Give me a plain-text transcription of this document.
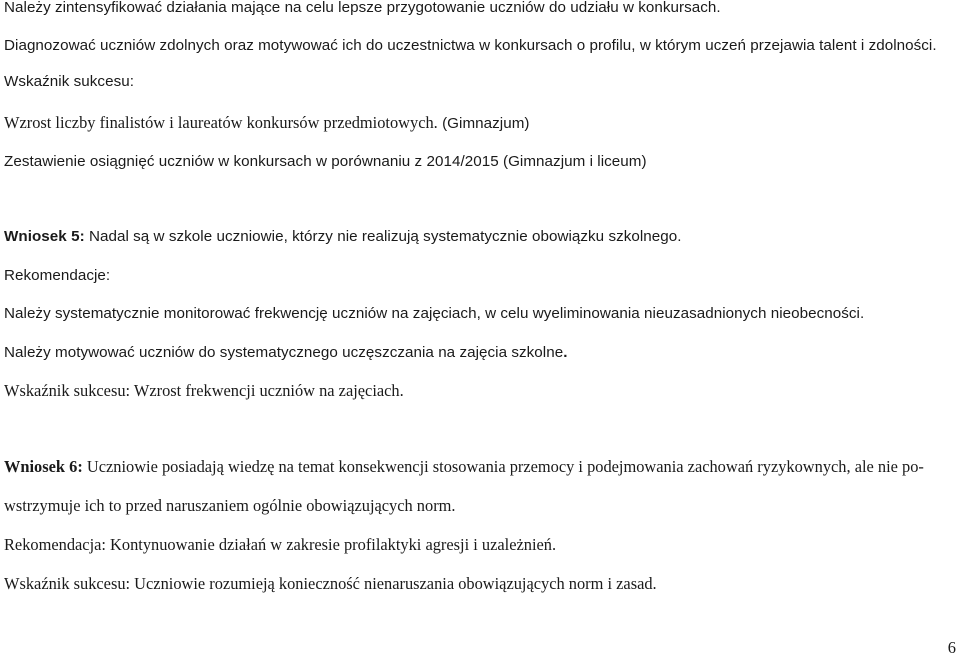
Należy zintensyfikować działania mające na celu lepsze przygotowanie uczniów do udziału w konkursach.
Diagnozować uczniów zdolnych oraz motywować ich do uczestnictwa w konkursach o profilu, w którym uczeń przejawia talent i zdolności.
Wskaźnik sukcesu:
Wzrost liczby finalistów i laureatów konkursów przedmiotowych. (Gimnazjum)
Zestawienie osiągnięć uczniów w konkursach w porównaniu z 2014/2015 (Gimnazjum i liceum)
Wniosek 5: Nadal są w szkole uczniowie, którzy nie realizują systematycznie obowiązku szkolnego.
Rekomendacje:
Należy systematycznie monitorować frekwencję uczniów na zajęciach, w celu wyeliminowania nieuzasadnionych nieobecności.
Należy motywować uczniów do systematycznego uczęszczania na zajęcia szkolne.
Wskaźnik sukcesu: Wzrost frekwencji uczniów na zajęciach.
Wniosek 6: Uczniowie posiadają wiedzę na temat konsekwencji stosowania przemocy i podejmowania zachowań ryzykownych, ale nie po-
wstrzymuje ich to przed naruszaniem ogólnie obowiązujących norm.
Rekomendacja: Kontynuowanie działań w zakresie profilaktyki agresji i uzależnień.
Wskaźnik sukcesu: Uczniowie rozumieją konieczność nienaruszania obowiązujących norm i zasad.
6
